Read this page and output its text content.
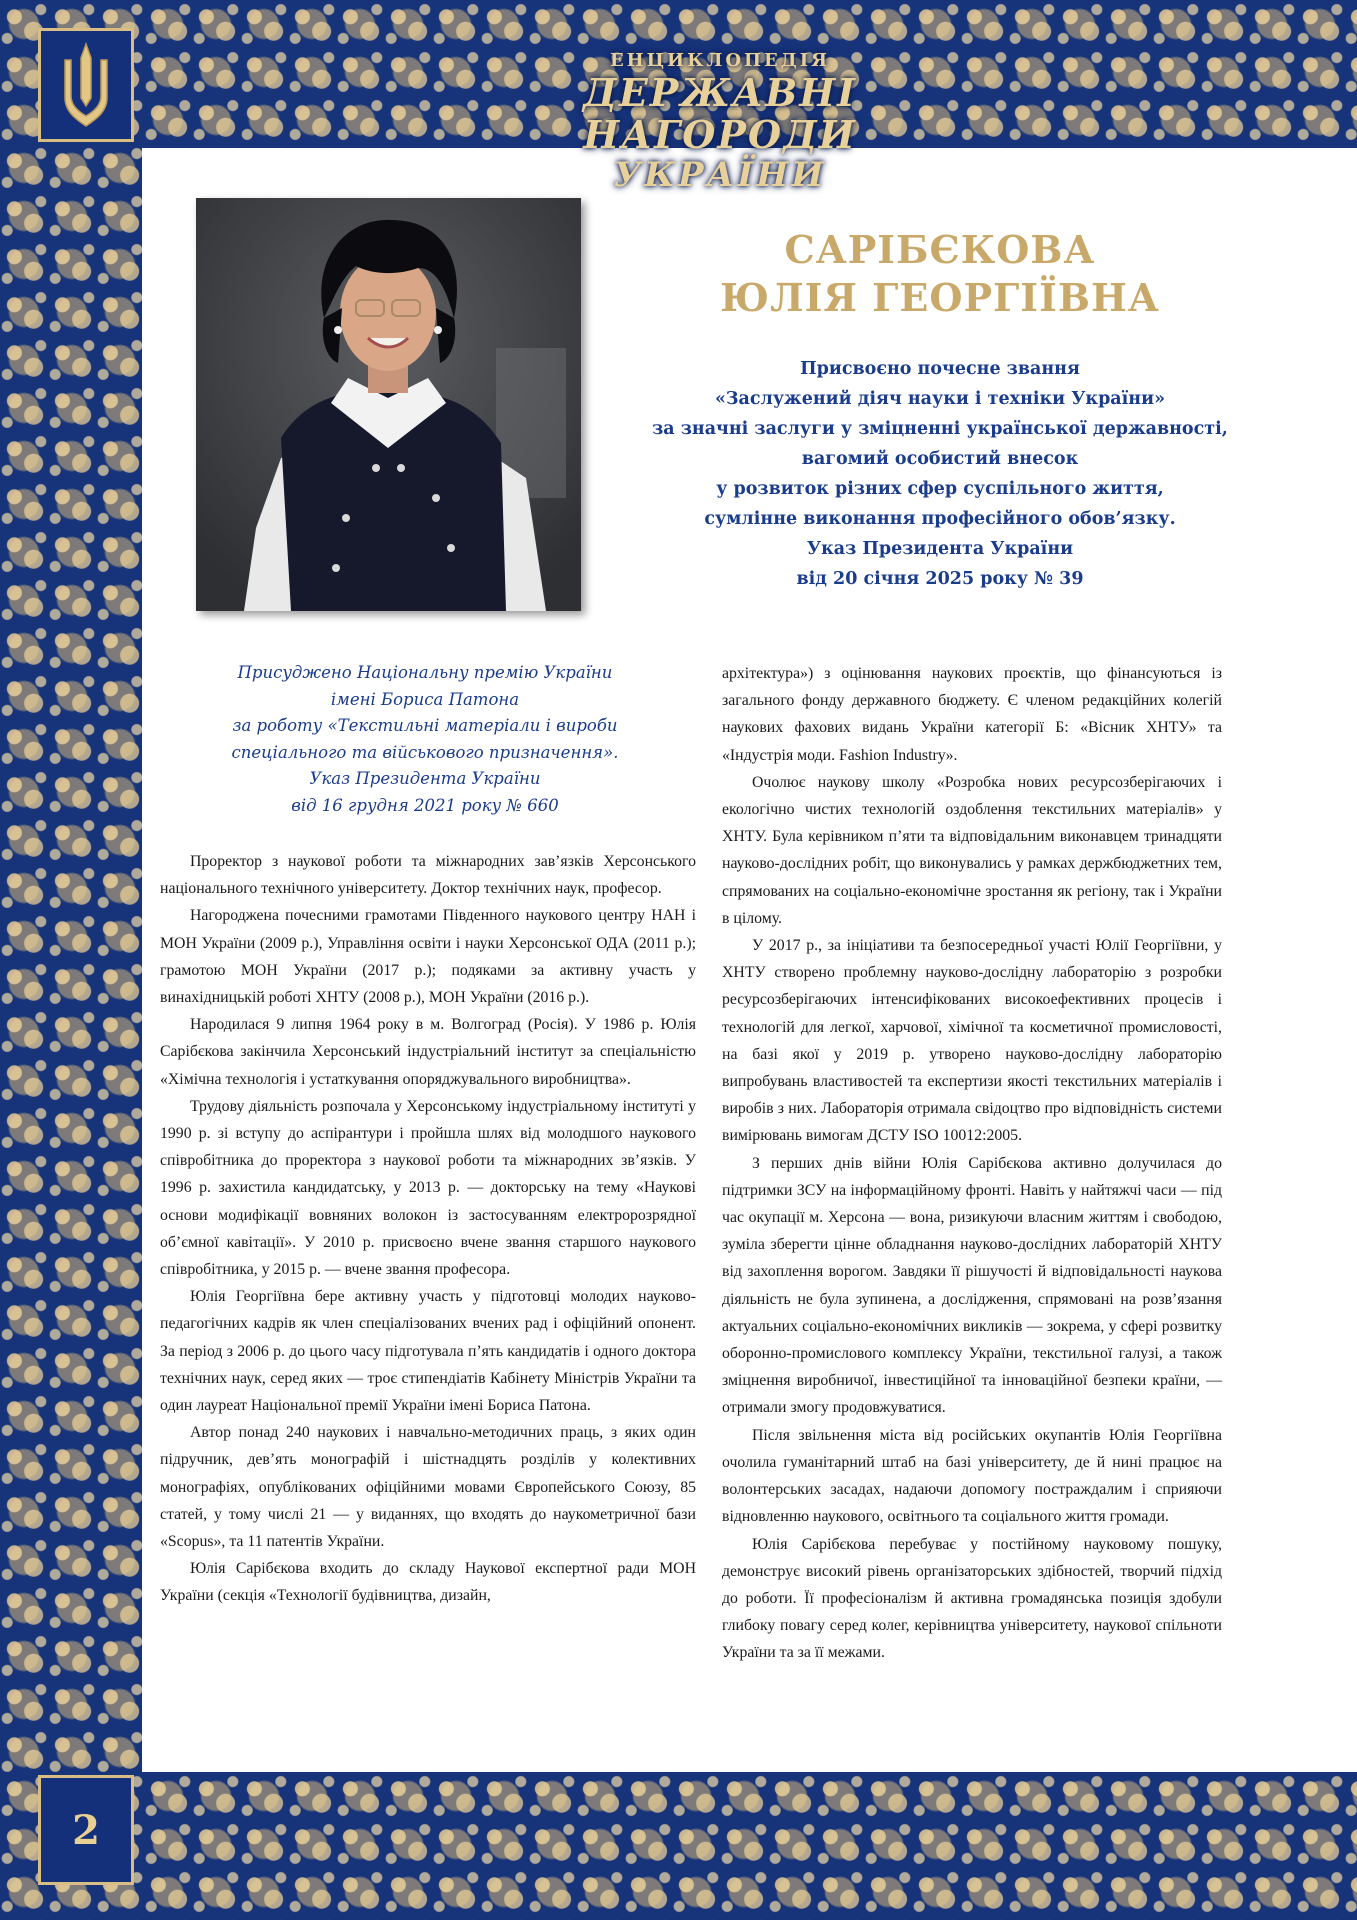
ЕНЦИКЛОПЕДІЯ
ДЕРЖАВНІ НАГОРОДИ
УКРАЇНИ
2
САРІБЄКОВА
ЮЛІЯ ГЕОРГІЇВНА
Присвоєно почесне звання
«Заслужений діяч науки і техніки України»
за значні заслуги у зміцненні української державності,
вагомий особистий внесок
у розвиток різних сфер суспільного життя,
сумлінне виконання професійного обов’язку.
Указ Президента України
від 20 січня 2025 року № 39
Присуджено Національну премію України
імені Бориса Патона
за роботу «Текстильні матеріали і вироби
спеціального та військового призначення».
Указ Президента України
від 16 грудня 2021 року № 660

Проректор з наукової роботи та міжнародних зав’язків Херсонського національного технічного університету. Доктор технічних наук, професор.

Нагороджена почесними грамотами Південного наукового центру НАН і МОН України (2009 р.), Управління освіти і науки Херсонської ОДА (2011 р.); грамотою МОН України (2017 р.); подяками за активну участь у винахідницькій роботі ХНТУ (2008 р.), МОН України (2016 р.).

Народилася 9 липня 1964 року в м. Волгоград (Росія). У 1986 р. Юлія Сарібєкова закінчила Херсонський індустріальний інститут за спеціальністю «Хімічна технологія і устаткування опоряджувального виробництва».

Трудову діяльність розпочала у Херсонському індустріальному інституті у 1990 р. зі вступу до аспірантури і пройшла шлях від молодшого наукового співробітника до проректора з наукової роботи та міжнародних зв’язків. У 1996 р. захистила кандидатську, у 2013 р. — докторську на тему «Наукові основи модифікації вовняних волокон із застосуванням електророзрядної об’ємної кавітації». У 2010 р. присвоєно вчене звання старшого наукового співробітника, у 2015 р. — вчене звання професора.

Юлія Георгіївна бере активну участь у підготовці молодих науково-педагогічних кадрів як член спеціалізованих вчених рад і офіційний опонент. За період з 2006 р. до цього часу підготувала п’ять кандидатів і одного доктора технічних наук, серед яких — троє стипендіатів Кабінету Міністрів України та один лауреат Національної премії України імені Бориса Патона.

Автор понад 240 наукових і навчально-методичних праць, з яких один підручник, дев’ять монографій і шістнадцять розділів у колективних монографіях, опублікованих офіційними мовами Європейського Союзу, 85 статей, у тому числі 21 — у виданнях, що входять до наукометричної бази «Scopus», та 11 патентів України.

Юлія Сарібєкова входить до складу Наукової експертної ради МОН України (секція «Технології будівництва, дизайн,

архітектура») з оцінювання наукових проєктів, що фінансуються із загального фонду державного бюджету. Є членом редакційних колегій наукових фахових видань України категорії Б: «Вісник ХНТУ» та «Індустрія моди. Fashion Industry».

Очолює наукову школу «Розробка нових ресурсозберігаючих і екологічно чистих технологій оздоблення текстильних матеріалів» у ХНТУ. Була керівником п’яти та відповідальним виконавцем тринадцяти науково-дослідних робіт, що виконувались у рамках держбюджетних тем, спрямованих на соціально-економічне зростання як регіону, так і України в цілому.

У 2017 р., за ініціативи та безпосередньої участі Юлії Георгіївни, у ХНТУ створено проблемну науково-дослідну лабораторію з розробки ресурсозберігаючих інтенсифікованих високоефективних процесів і технологій для легкої, харчової, хімічної та косметичної промисловості, на базі якої у 2019 р. утворено науково-дослідну лабораторію випробувань властивостей та експертизи якості текстильних матеріалів і виробів з них. Лабораторія отримала свідоцтво про відповідність системи вимірювань вимогам ДСТУ ISO 10012:2005.

З перших днів війни Юлія Сарібєкова активно долучилася до підтримки ЗСУ на інформаційному фронті. Навіть у найтяжчі часи — під час окупації м. Херсона — вона, ризикуючи власним життям і свободою, зуміла зберегти цінне обладнання науково-дослідних лабораторій ХНТУ від захоплення ворогом. Завдяки її рішучості й відповідальності наукова діяльність не була зупинена, а дослідження, спрямовані на розв’язання актуальних соціально-економічних викликів — зокрема, у сфері розвитку оборонно-промислового комплексу України, текстильної галузі, а також зміцнення виробничої, інвестиційної та інноваційної безпеки країни, — отримали змогу продовжуватися.

Після звільнення міста від російських окупантів Юлія Георгіївна очолила гуманітарний штаб на базі університету, де й нині працює на волонтерських засадах, надаючи допомогу постраждалим і сприяючи відновленню наукового, освітнього та соціального життя громади.

Юлія Сарібєкова перебуває у постійному науковому пошуку, демонструє високий рівень організаторських здібностей, творчий підхід до роботи. Її професіоналізм й активна громадянська позиція здобули глибоку повагу серед колег, керівництва університету, наукової спільноти України та за її межами.
